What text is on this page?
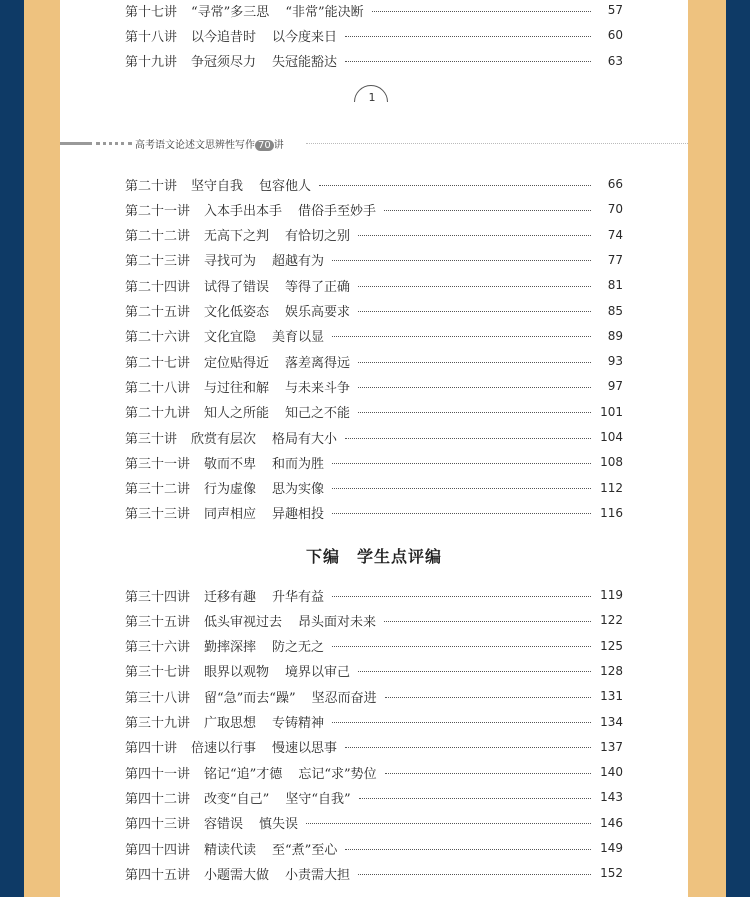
第十七讲 “寻常”多三思 “非常”能决断	57
第十八讲 以今追昔时 以今度来日	60
第十九讲 争冠须尽力 失冠能豁达	63
1
高考语文论述文思辨性写作 70 讲
第二十讲 坚守自我 包容他人	66
第二十一讲 入本手出本手 借俗手至妙手	70
第二十二讲 无高下之判 有恰切之别	74
第二十三讲 寻找可为 超越有为	77
第二十四讲 试得了错误 等得了正确	81
第二十五讲 文化低姿态 娱乐高要求	85
第二十六讲 文化宜隐 美育以显	89
第二十七讲 定位贴得近 落差离得远	93
第二十八讲 与过往和解 与未来斗争	97
第二十九讲 知人之所能 知己之不能	101
第三十讲 欣赏有层次 格局有大小	104
第三十一讲 敬而不卑 和而为胜	108
第三十二讲 行为虚像 思为实像	112
第三十三讲 同声相应 异趣相投	116
下编　学生点评编
第三十四讲 迁移有趣 升华有益	119
第三十五讲 低头审视过去 昂头面对未来	122
第三十六讲 勤摔深摔 防之无之	125
第三十七讲 眼界以观物 境界以审己	128
第三十八讲 留“急”而去“躁” 坚忍而奋进	131
第三十九讲 广取思想 专铸精神	134
第四十讲 倍速以行事 慢速以思事	137
第四十一讲 铭记“追”才德 忘记“求”势位	140
第四十二讲 改变“自己” 坚守“自我”	143
第四十三讲 容错误 慎失误	146
第四十四讲 精读代读 至“煮”至心	149
第四十五讲 小题需大做 小责需大担	152
